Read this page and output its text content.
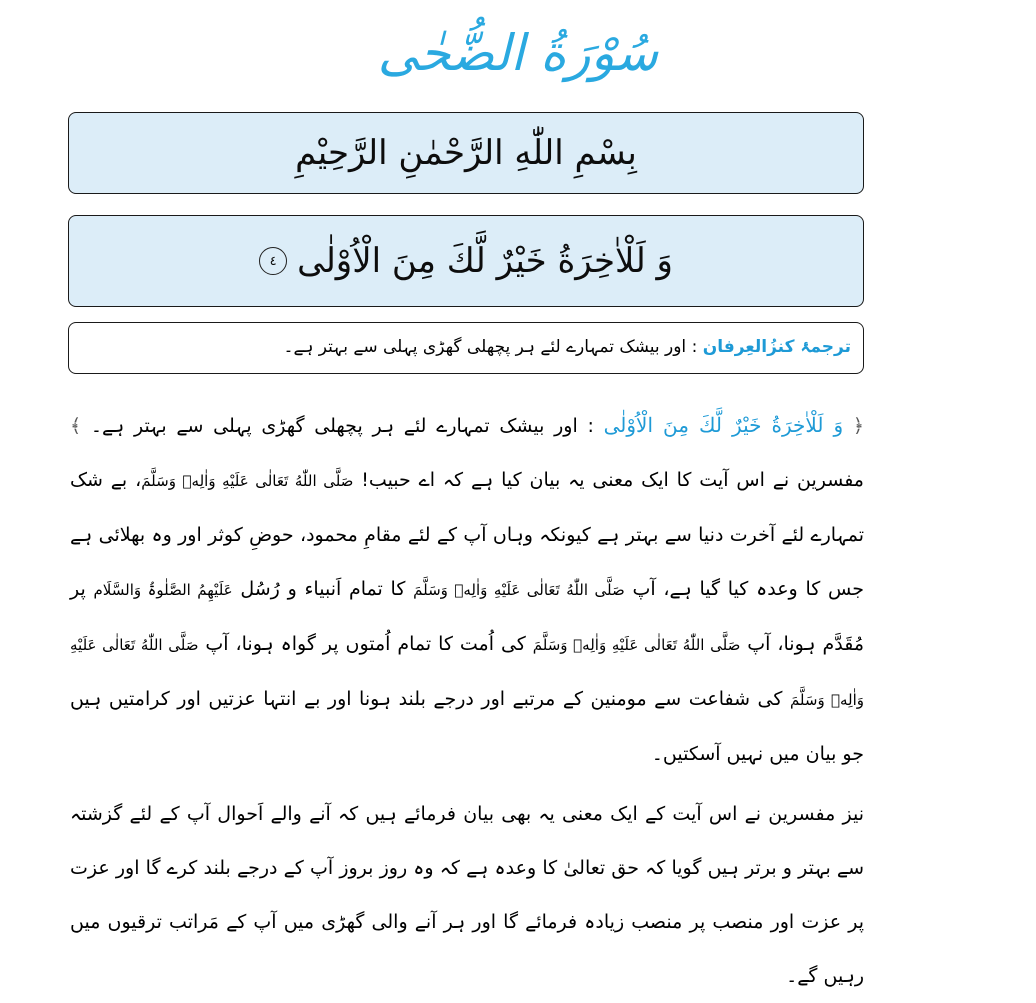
سُوْرَةُ الضُّحٰی
بِسْمِ اللّٰهِ الرَّحْمٰنِ الرَّحِیْمِ
وَ لَلْاٰخِرَةُ خَیْرٌ لَّكَ مِنَ الْاُوْلٰى
٤
ترجمۂ کنزُالعِرفان : اور بیشک تمہارے لئے ہر پچھلی گھڑی پہلی سے بہتر ہے۔

﴿ وَ لَلْاٰخِرَةُ خَیْرٌ لَّكَ مِنَ الْاُوْلٰى : اور بیشک تمہارے لئے ہر پچھلی گھڑی پہلی سے بہتر ہے۔ ﴾ مفسرین نے اس آیت کا ایک معنی یہ بیان کیا ہے کہ اے حبیب! صَلَّی اللّٰهُ تَعَالٰی عَلَیْهِ وَاٰلِهٖ وَسَلَّمَ، بے شک تمہارے لئے آخرت دنیا سے بہتر ہے کیونکہ وہاں آپ کے لئے مقامِ محمود، حوضِ کوثر اور وہ بھلائی ہے جس کا وعدہ کیا گیا ہے، آپ صَلَّی اللّٰهُ تَعَالٰی عَلَیْهِ وَاٰلِهٖ وَسَلَّمَ کا تمام اَنبیاء و رُسُل عَلَیْهِمُ الصَّلٰوۃُ وَالسَّلَام پر مُقَدَّم ہونا، آپ صَلَّی اللّٰهُ تَعَالٰی عَلَیْهِ وَاٰلِهٖ وَسَلَّمَ کی اُمت کا تمام اُمتوں پر گواہ ہونا، آپ صَلَّی اللّٰهُ تَعَالٰی عَلَیْهِ وَاٰلِهٖ وَسَلَّمَ کی شفاعت سے مومنین کے مرتبے اور درجے بلند ہونا اور بے انتہا عزتیں اور کرامتیں ہیں جو بیان میں نہیں آسکتیں۔

نیز مفسرین نے اس آیت کے ایک معنی یہ بھی بیان فرمائے ہیں کہ آنے والے اَحوال آپ کے لئے گزشتہ سے بہتر و برتر ہیں گویا کہ حق تعالیٰ کا وعدہ ہے کہ وہ روز بروز آپ کے درجے بلند کرے گا اور عزت پر عزت اور منصب پر منصب زیادہ فرمائے گا اور ہر آنے والی گھڑی میں آپ کے مَراتب ترقیوں میں رہیں گے۔
